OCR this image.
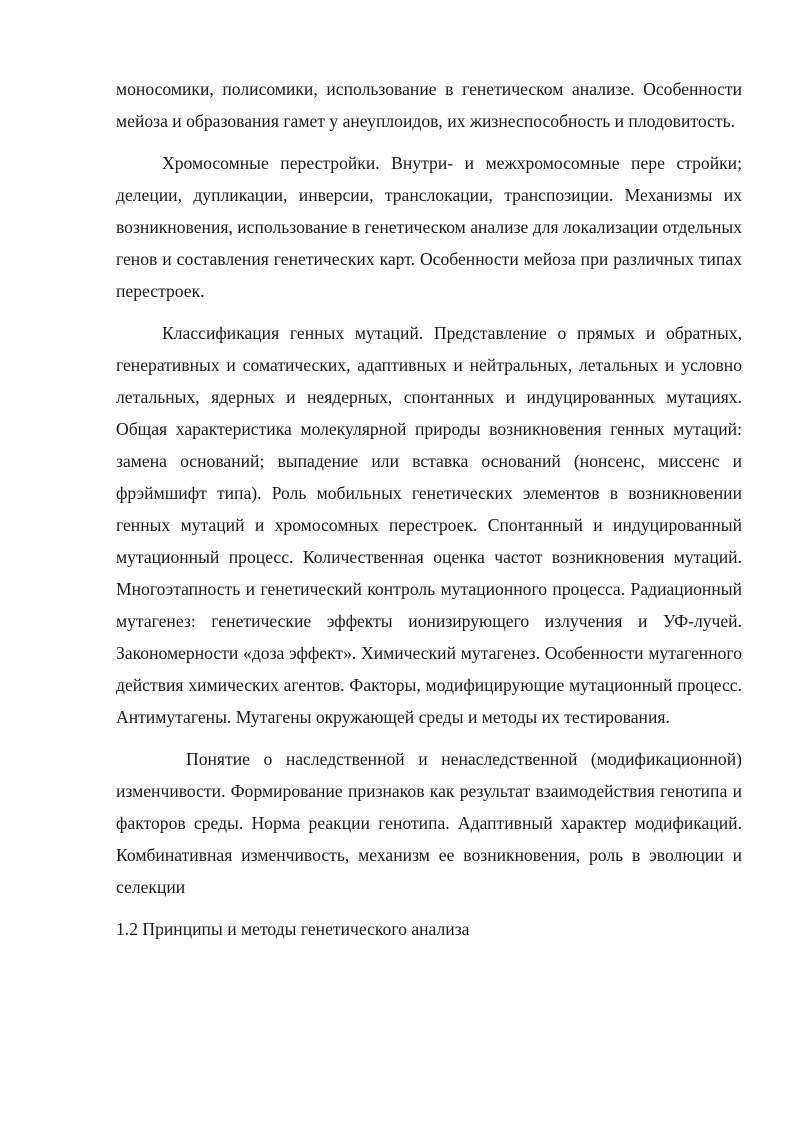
моносомики, полисомики, использование в генетическом анализе. Особенности мейоза и образования гамет у анеуплоидов, их жизнеспособность и плодовитость.

Хромосомные перестройки. Внутри- и межхромосомные пере стройки; делеции, дупликации, инверсии, транслокации, транспозиции. Механизмы их возникновения, использование в генетическом анализе для локализации отдельных генов и составления генетических карт. Особенности мейоза при различных типах перестроек.

Классификация генных мутаций. Представление о прямых и обратных, генеративных и соматических, адаптивных и нейтральных, летальных и условно летальных, ядерных и неядерных, спонтанных и индуцированных мутациях. Общая характеристика молекулярной природы возникновения генных мутаций: замена оснований; выпадение или вставка оснований (нонсенс, миссенс и фрэймшифт типа). Роль мобильных генетических элементов в возникновении генных мутаций и хромосомных перестроек. Спонтанный и индуцированный мутационный процесс. Количественная оценка частот возникновения мутаций. Многоэтапность и генетический контроль мутационного процесса. Радиационный мутагенез: генетические эффекты ионизирующего излучения и УФ-лучей. Закономерности «доза эффект». Химический мутагенез. Особенности мутагенного действия химических агентов. Факторы, модифицирующие мутационный процесс. Антимутагены. Мутагены окружающей среды и методы их тестирования.

Понятие о наследственной и ненаследственной (модификационной) изменчивости. Формирование признаков как результат взаимодействия генотипа и факторов среды. Норма реакции генотипа. Адаптивный характер модификаций. Комбинативная изменчивость, механизм ее возникновения, роль в эволюции и селекции

1.2 Принципы и методы генетического анализа
